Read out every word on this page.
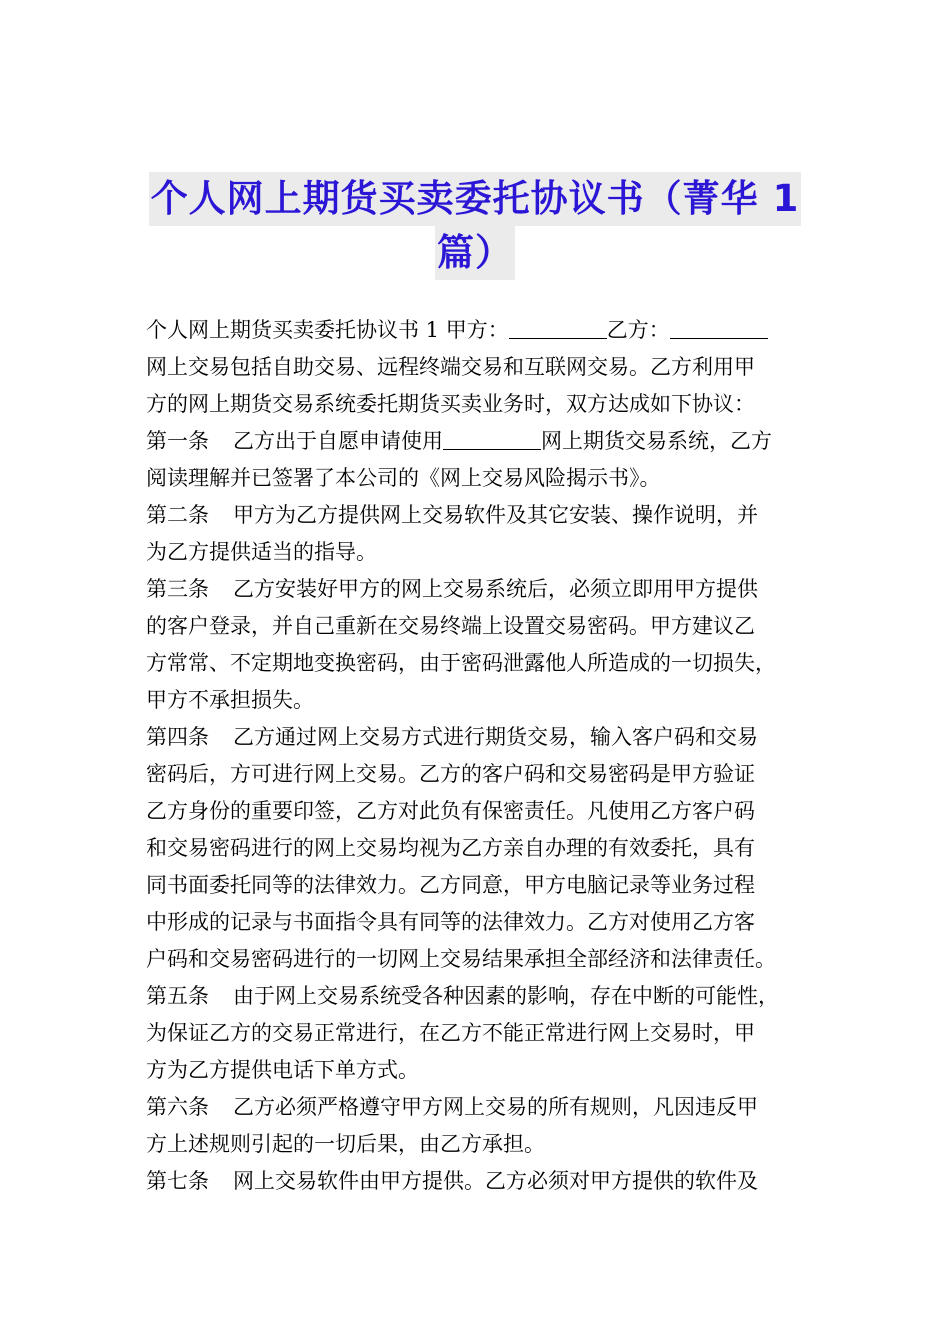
个人网上期货买卖委托协议书（菁华 1
篇）
个人网上期货买卖委托协议书 1 甲方：	乙方：
网上交易包括自助交易、远程终端交易和互联网交易。乙方利用甲
方的网上期货交易系统委托期货买卖业务时，双方达成如下协议：
第一条 乙方出于自愿申请使用	网上期货交易系统，乙方
阅读理解并已签署了本公司的《网上交易风险揭示书》。
第二条 甲方为乙方提供网上交易软件及其它安装、操作说明，并
为乙方提供适当的指导。
第三条 乙方安装好甲方的网上交易系统后，必须立即用甲方提供
的客户登录，并自己重新在交易终端上设置交易密码。甲方建议乙
方常常、不定期地变换密码，由于密码泄露他人所造成的一切损失，
甲方不承担损失。
第四条 乙方通过网上交易方式进行期货交易，输入客户码和交易
密码后，方可进行网上交易。乙方的客户码和交易密码是甲方验证
乙方身份的重要印签，乙方对此负有保密责任。凡使用乙方客户码
和交易密码进行的网上交易均视为乙方亲自办理的有效委托，具有
同书面委托同等的法律效力。乙方同意，甲方电脑记录等业务过程
中形成的记录与书面指令具有同等的法律效力。乙方对使用乙方客
户码和交易密码进行的一切网上交易结果承担全部经济和法律责任。
第五条 由于网上交易系统受各种因素的影响，存在中断的可能性，
为保证乙方的交易正常进行，在乙方不能正常进行网上交易时，甲
方为乙方提供电话下单方式。
第六条 乙方必须严格遵守甲方网上交易的所有规则，凡因违反甲
方上述规则引起的一切后果，由乙方承担。
第七条 网上交易软件由甲方提供。乙方必须对甲方提供的软件及
